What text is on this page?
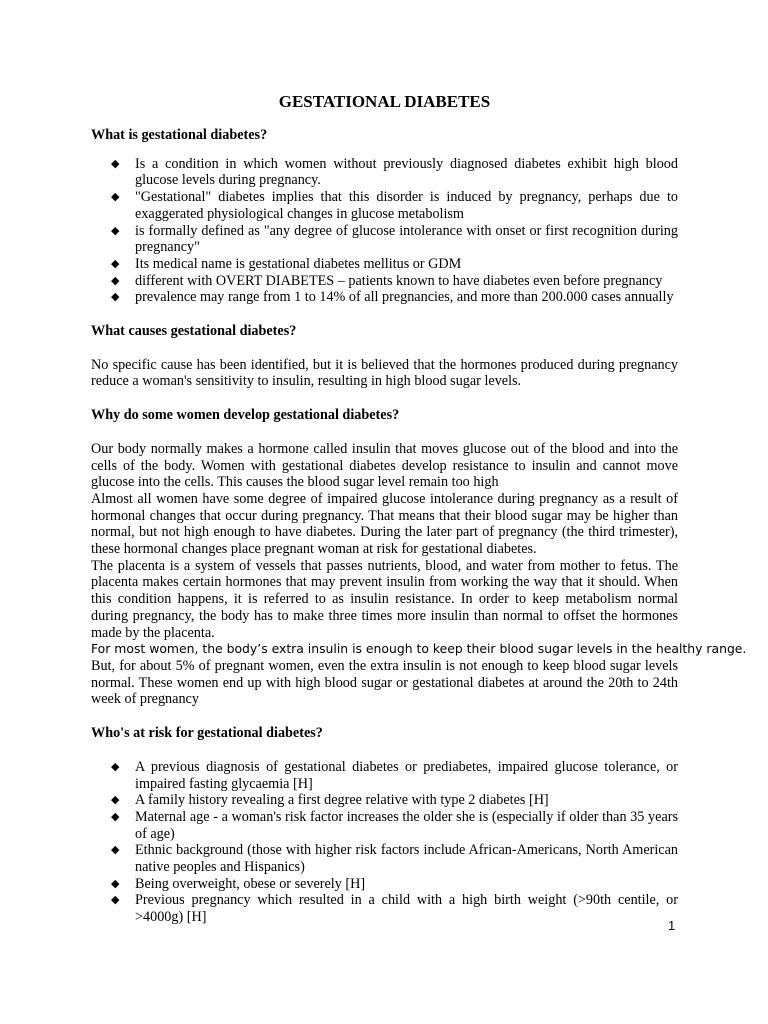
GESTATIONAL DIABETES
What is gestational diabetes?
◆ Is a condition in which women without previously diagnosed diabetes exhibit high blood glucose levels during pregnancy.
◆ "Gestational" diabetes implies that this disorder is induced by pregnancy, perhaps due to exaggerated physiological changes in glucose metabolism
◆ is formally defined as "any degree of glucose intolerance with onset or first recognition during pregnancy"
◆ Its medical name is gestational diabetes mellitus or GDM
◆ different with OVERT DIABETES – patients known to have diabetes even before pregnancy
◆ prevalence may range from 1 to 14% of all pregnancies, and more than 200.000 cases annually
What causes gestational diabetes?

No specific cause has been identified, but it is believed that the hormones produced during pregnancy reduce a woman's sensitivity to insulin, resulting in high blood sugar levels.

Why do some women develop gestational diabetes?

Our body normally makes a hormone called insulin that moves glucose out of the blood and into the cells of the body. Women with gestational diabetes develop resistance to insulin and cannot move glucose into the cells. This causes the blood sugar level remain too high

Almost all women have some degree of impaired glucose intolerance during pregnancy as a result of hormonal changes that occur during pregnancy. That means that their blood sugar may be higher than normal, but not high enough to have diabetes. During the later part of pregnancy (the third trimester), these hormonal changes place pregnant woman at risk for gestational diabetes.

The placenta is a system of vessels that passes nutrients, blood, and water from mother to fetus. The placenta makes certain hormones that may prevent insulin from working the way that it should. When this condition happens, it is referred to as insulin resistance. In order to keep metabolism normal during pregnancy, the body has to make three times more insulin than normal to offset the hormones made by the placenta.

For most women, the body’s extra insulin is enough to keep their blood sugar levels in the healthy range.

But, for about 5% of pregnant women, even the extra insulin is not enough to keep blood sugar levels normal. These women end up with high blood sugar or gestational diabetes at around the 20th to 24th week of pregnancy

Who's at risk for gestational diabetes?
◆ A previous diagnosis of gestational diabetes or prediabetes, impaired glucose tolerance, or impaired fasting glycaemia [H]
◆ A family history revealing a first degree relative with type 2 diabetes [H]
◆ Maternal age - a woman's risk factor increases the older she is (especially if older than 35 years of age)
◆ Ethnic background (those with higher risk factors include African-Americans, North American native peoples and Hispanics)
◆ Being overweight, obese or severely [H]
◆ Previous pregnancy which resulted in a child with a high birth weight (>90th centile, or >4000g) [H]
1
